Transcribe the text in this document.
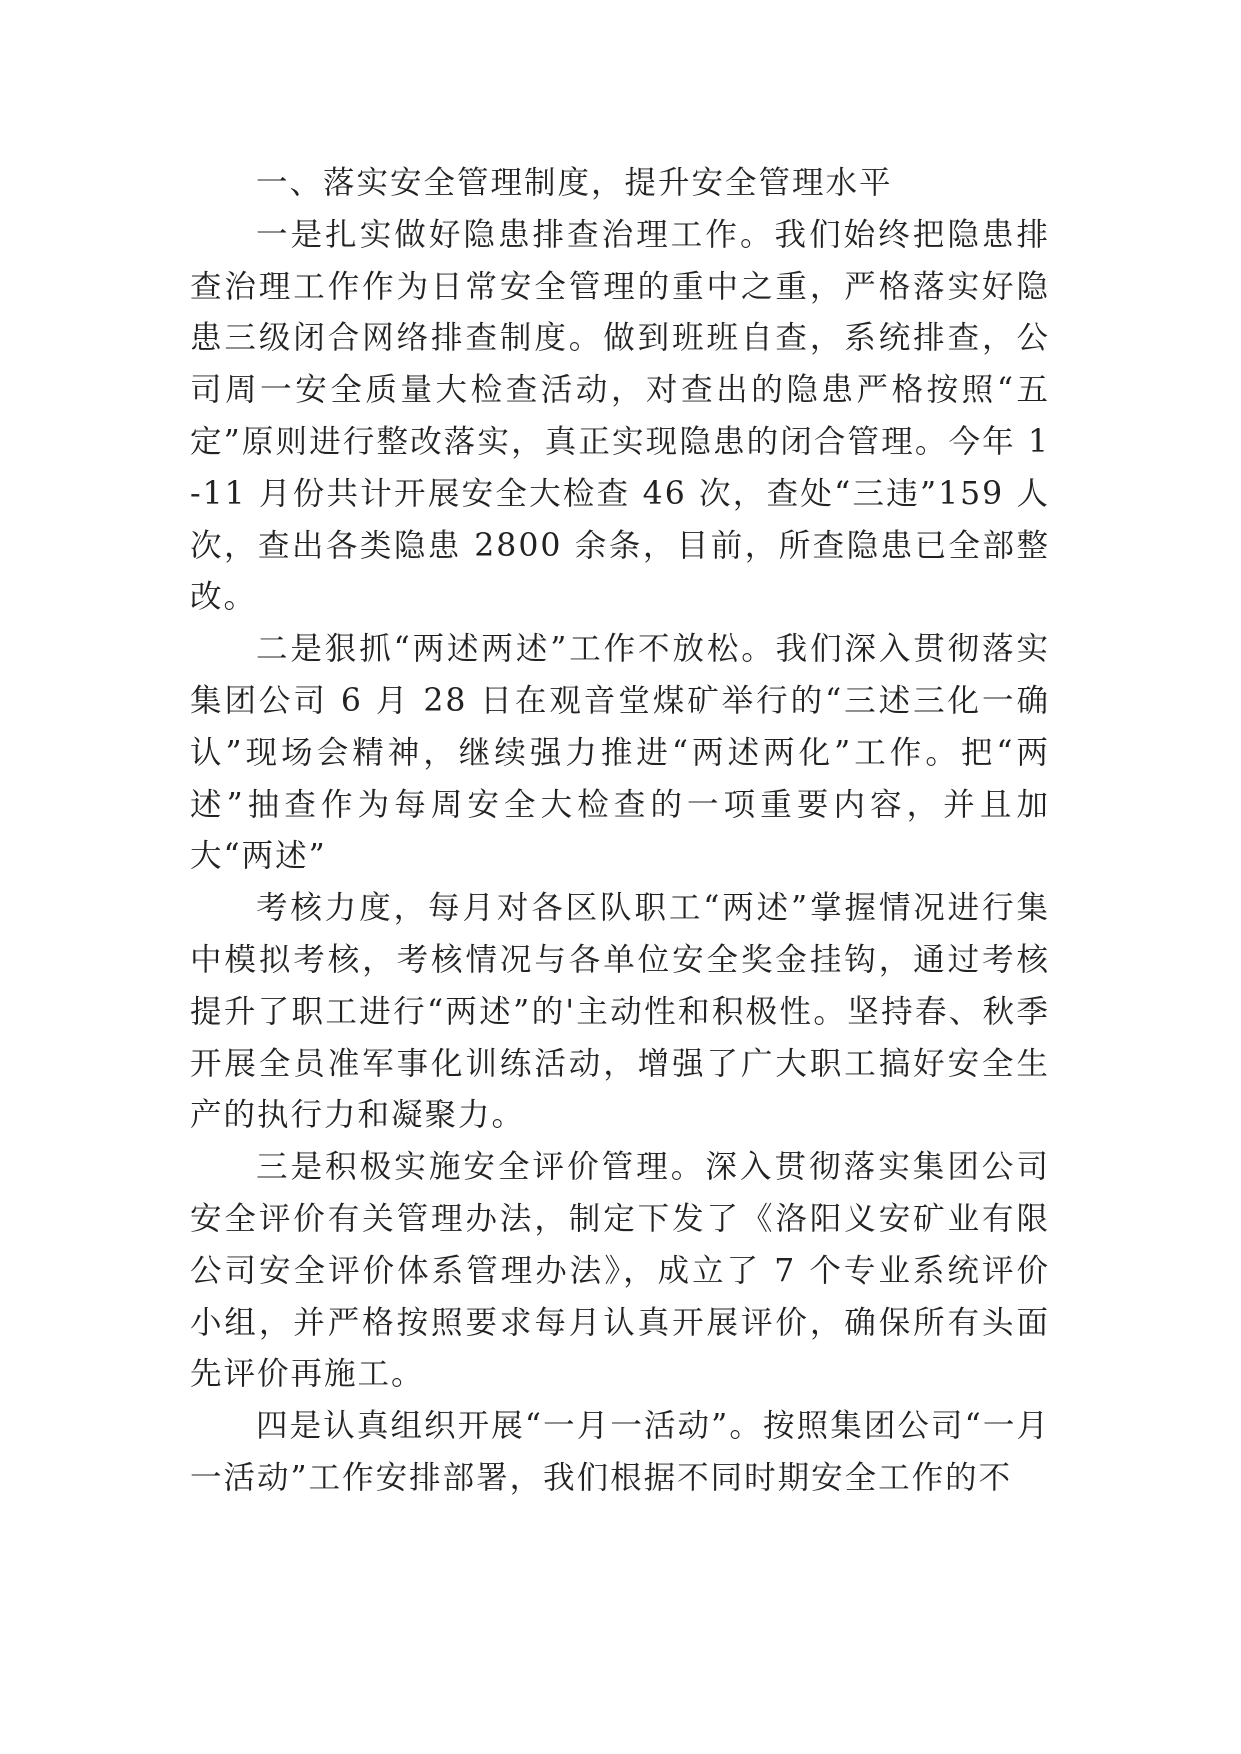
一、落实安全管理制度，提升安全管理水平

一是扎实做好隐患排查治理工作。我们始终把隐患排查治理工作作为日常安全管理的重中之重，严格落实好隐患三级闭合网络排查制度。做到班班自查，系统排查，公司周一安全质量大检查活动，对查出的隐患严格按照“五定”原则进行整改落实，真正实现隐患的闭合管理。今年 1-11 月份共计开展安全大检查 46 次，查处“三违”159 人次，查出各类隐患 2800 余条，目前，所查隐患已全部整改。

二是狠抓“两述两述”工作不放松。我们深入贯彻落实集团公司 6 月 28 日在观音堂煤矿举行的“三述三化一确认”现场会精神，继续强力推进“两述两化”工作。把“两述”抽查作为每周安全大检查的一项重要内容，并且加大“两述”

考核力度，每月对各区队职工“两述”掌握情况进行集中模拟考核，考核情况与各单位安全奖金挂钩，通过考核提升了职工进行“两述”的'主动性和积极性。坚持春、秋季开展全员准军事化训练活动，增强了广大职工搞好安全生产的执行力和凝聚力。

三是积极实施安全评价管理。深入贯彻落实集团公司安全评价有关管理办法，制定下发了《洛阳义安矿业有限公司安全评价体系管理办法》，成立了 7 个专业系统评价小组，并严格按照要求每月认真开展评价，确保所有头面先评价再施工。

四是认真组织开展“一月一活动”。按照集团公司“一月一活动”工作安排部署，我们根据不同时期安全工作的不
